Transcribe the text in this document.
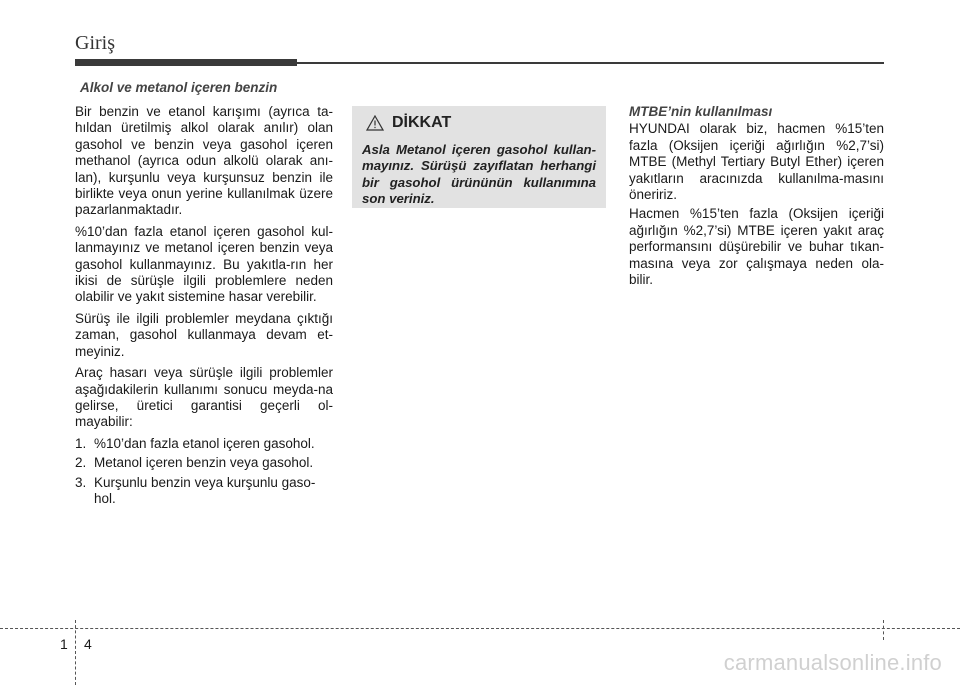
Giriş
Alkol ve metanol içeren benzin

Bir benzin ve etanol karışımı (ayrıca ta-hıldan üretilmiş alkol olarak anılır) olan gasohol ve benzin veya gasohol içeren methanol (ayrıca odun alkolü olarak anı-lan), kurşunlu veya kurşunsuz benzin ile birlikte veya onun yerine kullanılmak üzere pazarlanmaktadır.

%10’dan fazla etanol içeren gasohol kul-lanmayınız ve metanol içeren benzin veya gasohol kullanmayınız. Bu yakıtla-rın her ikisi de sürüşle ilgili problemlere neden olabilir ve yakıt sistemine hasar verebilir.

Sürüş ile ilgili problemler meydana çıktığı zaman, gasohol kullanmaya devam et-meyiniz.

Araç hasarı veya sürüşle ilgili problemler aşağıdakilerin kullanımı sonucu meyda-na gelirse, üretici garantisi geçerli ol-mayabilir:

1. %10’dan fazla etanol içeren gasohol.
2. Metanol içeren benzin veya gasohol.
3. Kurşunlu benzin veya kurşunlu gaso-hol.
DİKKAT
Asla Metanol içeren gasohol kullan-mayınız. Sürüşü zayıflatan herhangi bir gasohol ürününün kullanımına son veriniz.
MTBE’nin kullanılması

HYUNDAI olarak biz, hacmen %15’ten fazla (Oksijen içeriği ağırlığın %2,7’si) MTBE (Methyl Tertiary Butyl Ether) içeren yakıtların aracınızda kullanılma-masını öneririz.

Hacmen %15’ten fazla (Oksijen içeriği ağırlığın %2,7’si) MTBE içeren yakıt araç performansını düşürebilir ve buhar tıkan-masına veya zor çalışmaya neden ola-bilir.

1 4
carmanualsonline.info
